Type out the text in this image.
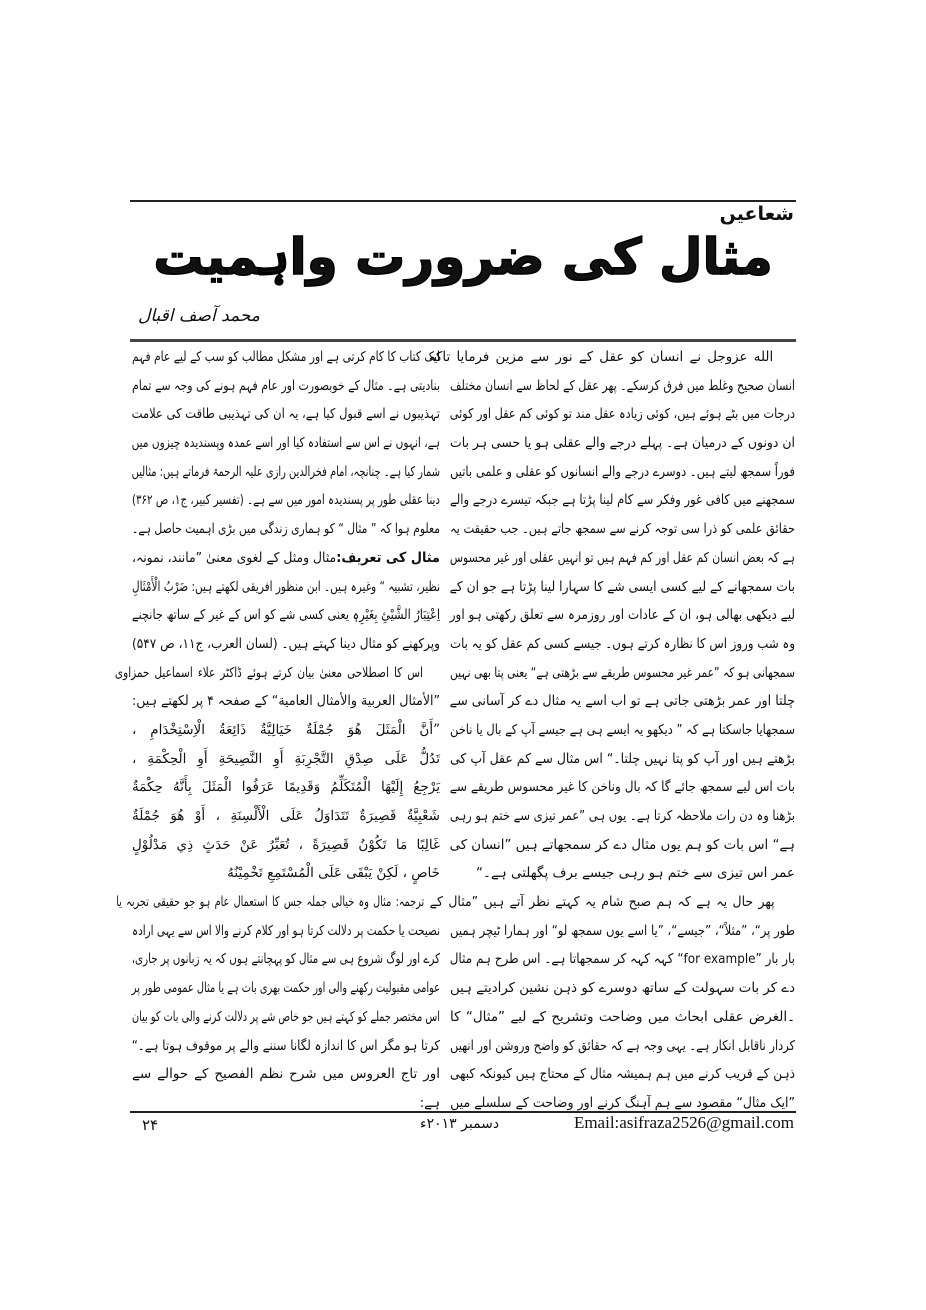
شعاعیں
مثال کی ضرورت واہمیت
محمد آصف اقبال
الله عزوجل نے انسان کو عقل کے نور سے مزین فرمایا تاکہ
انسان صحیح وغلط میں فرق کرسکے۔ پھر عقل کے لحاظ سے انسان مختلف
درجات میں بٹے ہوئے ہیں، کوئی زیادہ عقل مند تو کوئی کم عقل اور کوئی
ان دونوں کے درمیان ہے۔ پہلے درجے والے عقلی ہو یا حسی ہر بات
فوراً سمجھ لیتے ہیں۔ دوسرے درجے والے انسانوں کو عقلی و علمی باتیں
سمجھنے میں کافی غور وفکر سے کام لینا پڑتا ہے جبکہ تیسرے درجے والے
حقائق علمی کو ذرا سی توجہ کرنے سے سمجھ جاتے ہیں۔ جب حقیقت یہ
ہے کہ بعض انسان کم عقل اور کم فہم ہیں تو انہیں عقلی اور غیر محسوس
بات سمجھانے کے لیے کسی ایسی شے کا سہارا لینا پڑتا ہے جو ان کے
لیے دیکھی بھالی ہو، ان کے عادات اور روزمرہ سے تعلق رکھتی ہو اور
وہ شب وروز اس کا نظارہ کرتے ہوں۔ جیسے کسی کم عقل کو یہ بات
سمجھانی ہو کہ ”عمر غیر محسوس طریقے سے بڑھتی ہے“ یعنی پتا بھی نہیں
چلتا اور عمر بڑھتی جاتی ہے تو اب اسے یہ مثال دے کر آسانی سے
سمجھایا جاسکتا ہے کہ ” دیکھو یہ ایسے ہی ہے جیسے آپ کے بال یا ناخن
بڑھتے ہیں اور آپ کو پتا نہیں چلتا۔“ اس مثال سے کم عقل آپ کی
بات اس لیے سمجھ جائے گا کہ بال وناخن کا غیر محسوس طریقے سے
بڑھنا وہ دن رات ملاحظہ کرتا ہے۔ یوں ہی ”عمر تیزی سے ختم ہو رہی
ہے“ اس بات کو ہم یوں مثال دے کر سمجھاتے ہیں ”انسان کی
عمر اس تیزی سے ختم ہو رہی جیسے برف پگھلتی ہے۔“
پھر حال یہ ہے کہ ہم صبح شام یہ کہتے نظر آتے ہیں ”مثال کے
طور پر“، ”مثلاً“، ”جیسے“، ”یا اسے یوں سمجھ لو“ اور ہمارا ٹیچر ہمیں
بار بار ”for example“ کہہ کہہ کر سمجھاتا ہے۔ اس طرح ہم مثال
دے کر بات سہولت کے ساتھ دوسرے کو ذہن نشین کرادیتے ہیں
۔الغرض عقلی ابحاث میں وضاحت وتشریح کے لیے ”مثال“ کا
کردار ناقابل انکار ہے۔ یہی وجہ ہے کہ حقائق کو واضح وروشن اور انھیں
ذہن کے قریب کرنے میں ہم ہمیشہ مثال کے محتاج ہیں کیونکہ کبھی
”ایک مثال“ مقصود سے ہم آہنگ کرنے اور وضاحت کے سلسلے میں
ایک کتاب کا کام کرتی ہے اور مشکل مطالب کو سب کے لیے عام فہم
بنادیتی ہے۔ مثال کے خوبصورت اور عام فہم ہونے کی وجہ سے تمام
تہذیبوں نے اسے قبول کیا ہے، یہ ان کی تہذیبی طاقت کی علامت
ہے، انہوں نے اس سے استفادہ کیا اور اسے عمدہ وپسندیدہ چیزوں میں
شمار کیا ہے۔ چنانچہ، امام فخرالدین رازی علیہ الرحمۃ فرماتے ہیں: مثالیں
دینا عقلی طور پر پسندیدہ امور میں سے ہے۔ (تفسیر کبیر، ج۱، ص ۳۶۲)
معلوم ہوا کہ ” مثال “ کو ہماری زندگی میں بڑی اہمیت حاصل ہے۔
مثال کی تعریف:مثال ومثل کے لغوی معنیٰ ”مانند، نمونہ،
نظیر، تشبیہ “ وغیرہ ہیں۔ ابن منظور افریقی لکھتے ہیں: ضَرْبُ الْأَمْثَالِ
اِعْتِبَارُ الشَّيْئِ بِغَيْرِهٖ یعنی کسی شے کو اس کے غیر کے ساتھ جانچنے
وپرکھنے کو مثال دینا کہتے ہیں۔ (لسان العرب، ج۱۱، ص ۵۴۷)
اس کا اصطلاحی معنیٰ بیان کرتے ہوئے ڈاکٹر علاء اسماعیل حمزاوی
”الأمثال العربية والأمثال العامية“ کے صفحہ ۴ پر لکھتے ہیں:
”أَنَّ الْمَثَلَ هُوَ جُمْلَةٌ خَيَالِيَّةٌ ذَائِعَةُ الْاِسْتِخْدَامِ ،
تَدُلُّ عَلَى صِدْقِ التَّجْرِبَةِ أَوِ النَّصِيحَةِ أَوِ الْحِكْمَةِ ،
يَرْجِعُ إِلَيْهَا الْمُتَكَلِّمُ وَقَدِيمًا عَرَفُوا الْمَثَلَ بِأَنَّهُ حِكْمَةٌ
شَعْبِيَّةٌ قَصِيرَةٌ تَتَدَاوَلُ عَلَى الْأَلْسِنَةِ ، أَوْ هُوَ جُمْلَةٌ
غَالِبًا مَا تَكُوْنُ قَصِيرَةً ، تُعَبِّرُ عَنْ حَدَثٍ ذِي مَدْلُوْلٍ
خَاصٍ ، لَكِنْ يَبْقَى عَلَى الْمُسْتَمِعِ تَخْمِيْنُهُ
ترجمہ: مثال وہ خیالی جملہ جس کا استعمال عام ہو جو حقیقی تجربہ یا
نصیحت یا حکمت پر دلالت کرتا ہو اور کلام کرنے والا اس سے یہی ارادہ
کرے اور لوگ شروع ہی سے مثال کو پہچانتے ہوں کہ یہ زبانوں پر جاری،
عوامی مقبولیت رکھنے والی اور حکمت بھری بات ہے یا مثال عمومی طور پر
اس مختصر جملے کو کہتے ہیں جو خاص شے پر دلالت کرنے والی بات کو بیان
کرتا ہو مگر اس کا اندازہ لگانا سننے والے پر موقوف ہوتا ہے۔“
اور تاج العروس میں شرح نظم الفصیح کے حوالے سے
ہے:
۲۴	دسمبر ۲۰۱۳ء	Email:asifraza2526@gmail.com
